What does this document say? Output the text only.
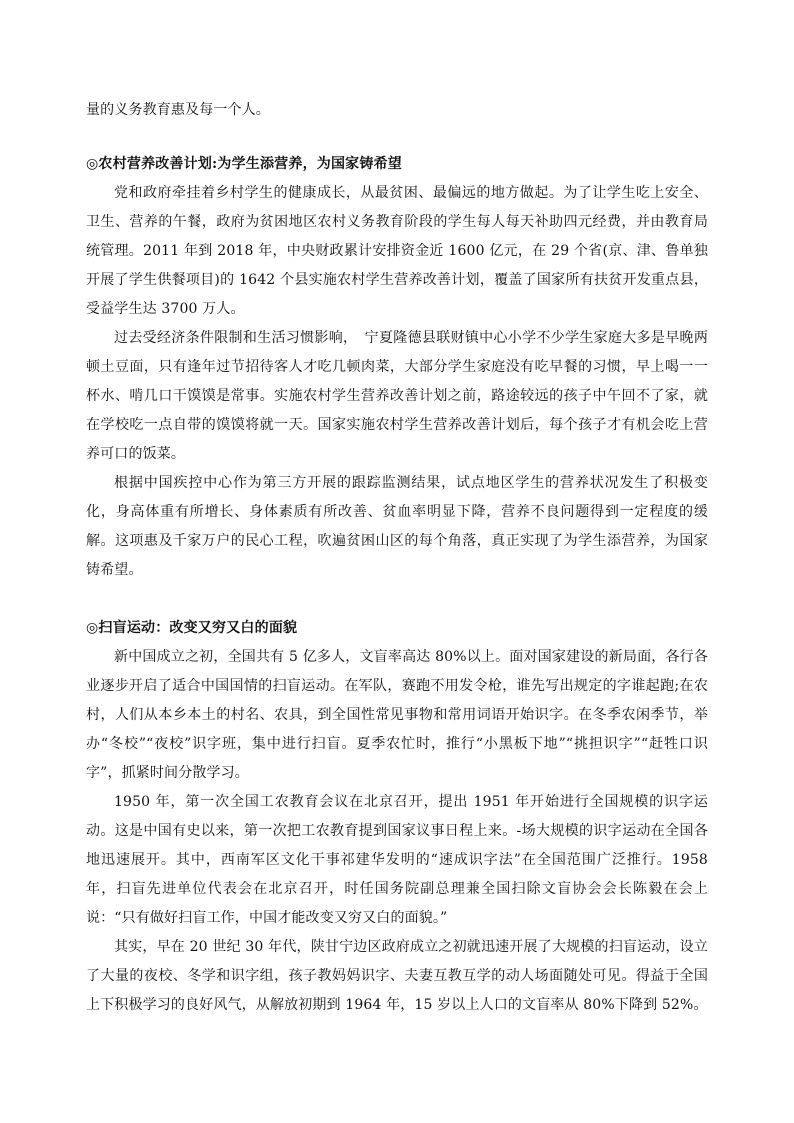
量的义务教育惠及每一个人。

◎农村营养改善计划:为学生添营养，为国家铸希望

党和政府牵挂着乡村学生的健康成长，从最贫困、最偏远的地方做起。为了让学生吃上安全、卫生、营养的午餐，政府为贫困地区农村义务教育阶段的学生每人每天补助四元经费，并由教育局统管理。2011 年到 2018 年，中央财政累计安排资金近 1600 亿元，在 29 个省(京、津、鲁单独开展了学生供餐项目)的 1642 个县实施农村学生营养改善计划，覆盖了国家所有扶贫开发重点县，受益学生达 3700 万人。

过去受经济条件限制和生活习惯影响，　宁夏隆德县联财镇中心小学不少学生家庭大多是早晚两顿土豆面，只有逢年过节招待客人才吃几顿肉菜，大部分学生家庭没有吃早餐的习惯，早上喝一一杯水、啃几口干馍馍是常事。实施农村学生营养改善计划之前，路途较远的孩子中午回不了家，就在学校吃一点自带的馍馍将就一天。国家实施农村学生营养改善计划后，每个孩子才有机会吃上营养可口的饭菜。

根据中国疾控中心作为第三方开展的跟踪监测结果，试点地区学生的营养状况发生了积极变化，身高体重有所增长、身体素质有所改善、贫血率明显下降，营养不良问题得到一定程度的缓解。这项惠及千家万户的民心工程，吹遍贫困山区的每个角落，真正实现了为学生添营养，为国家铸希望。

◎扫盲运动：改变又穷又白的面貌

新中国成立之初，全国共有 5 亿多人，文盲率高达 80%以上。面对国家建设的新局面，各行各业逐步开启了适合中国国情的扫盲运动。在军队，赛跑不用发令枪，谁先写出规定的字谁起跑;在农村，人们从本乡本土的村名、农具，到全国性常见事物和常用词语开始识字。在冬季农闲季节，举办“冬校”“夜校”识字班，集中进行扫盲。夏季农忙时，推行“小黑板下地”“挑担识字”“赶牲口识字”，抓紧时间分散学习。

1950 年，第一次全国工农教育会议在北京召开，提出 1951 年开始进行全国规模的识字运动。这是中国有史以来，第一次把工农教育提到国家议事日程上来。-场大规模的识字运动在全国各地迅速展开。其中，西南军区文化干事祁建华发明的“速成识字法”在全国范围广泛推行。1958　年，扫盲先进单位代表会在北京召开，时任国务院副总理兼全国扫除文盲协会会长陈毅在会上说：“只有做好扫盲工作，中国才能改变又穷又白的面貌。”

其实，早在 20 世纪 30 年代，陕甘宁边区政府成立之初就迅速开展了大规模的扫盲运动，设立了大量的夜校、冬学和识字组，孩子教妈妈识字、夫妻互教互学的动人场面随处可见。得益于全国上下积极学习的良好风气，从解放初期到 1964 年，15 岁以上人口的文盲率从 80%下降到 52%。
